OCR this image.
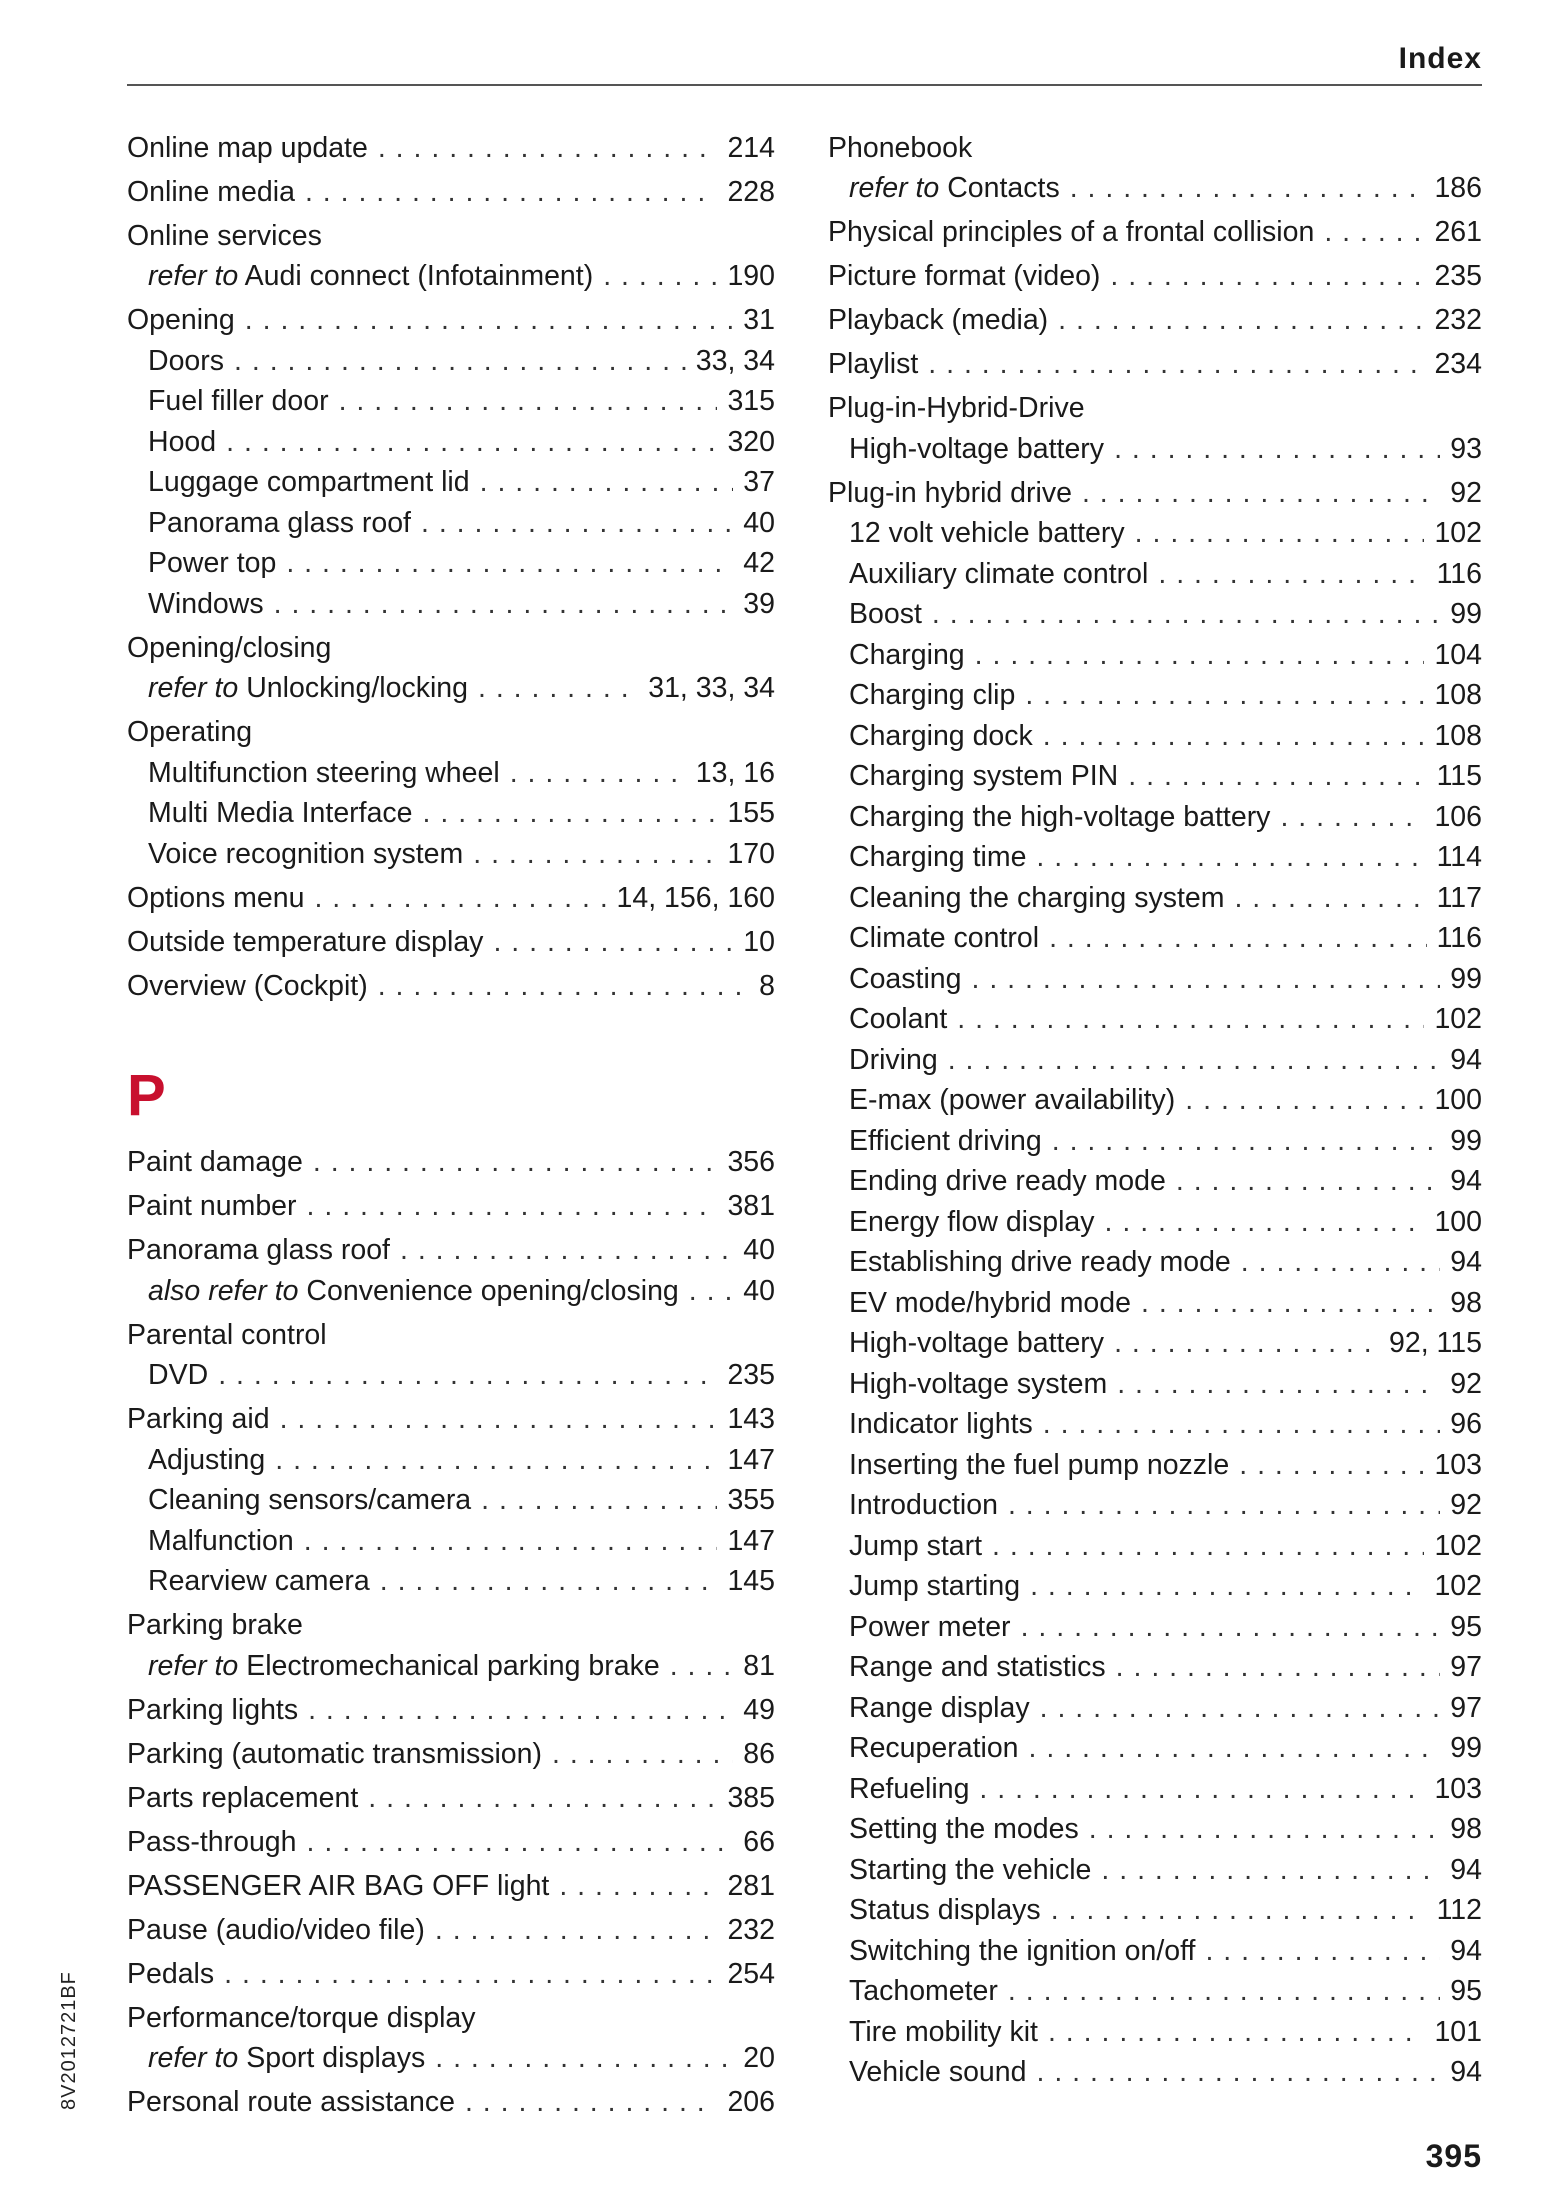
Index
Online map update . . .	214
Online media . . .	228
Online services
refer to Audi connect (Infotainment) . . .	190
Opening . . .	31
Doors . . .	33, 34
Fuel filler door . . .	315
Hood . . .	320
Luggage compartment lid . . .	37
Panorama glass roof . . .	40
Power top . . .	42
Windows . . .	39
Opening/closing
refer to Unlocking/locking . . .	31, 33, 34
Operating
Multifunction steering wheel . . .	13, 16
Multi Media Interface . . .	155
Voice recognition system . . .	170
Options menu . . .	14, 156, 160
Outside temperature display . . .	10
Overview (Cockpit) . . .	8
P
Paint damage . . .	356
Paint number . . .	381
Panorama glass roof . . .	40
also refer to Convenience opening/closing . . . 40
Parental control
DVD . . .	235
Parking aid . . .	143
Adjusting . . .	147
Cleaning sensors/camera . . .	355
Malfunction . . .	147
Rearview camera . . .	145
Parking brake
refer to Electromechanical parking brake . . .	81
Parking lights . . .	49
Parking (automatic transmission) . . .	86
Parts replacement . . .	385
Pass-through . . .	66
PASSENGER AIR BAG OFF light . . .	281
Pause (audio/video file) . . .	232
Pedals . . .	254
Performance/torque display
refer to Sport displays . . .	20
Personal route assistance . . .	206
Phonebook
refer to Contacts . . .	186
Physical principles of a frontal collision . . .	261
Picture format (video) . . .	235
Playback (media) . . .	232
Playlist . . .	234
Plug-in-Hybrid-Drive
High-voltage battery . . .	93
Plug-in hybrid drive . . .	92
12 volt vehicle battery . . .	102
Auxiliary climate control . . .	116
Boost . . .	99
Charging . . .	104
Charging clip . . .	108
Charging dock . . .	108
Charging system PIN . . .	115
Charging the high-voltage battery . . .	106
Charging time . . .	114
Cleaning the charging system . . .	117
Climate control . . .	116
Coasting . . .	99
Coolant . . .	102
Driving . . .	94
E-max (power availability) . . .	100
Efficient driving . . .	99
Ending drive ready mode . . .	94
Energy flow display . . .	100
Establishing drive ready mode . . .	94
EV mode/hybrid mode . . .	98
High-voltage battery . . .	92, 115
High-voltage system . . .	92
Indicator lights . . .	96
Inserting the fuel pump nozzle . . .	103
Introduction . . .	92
Jump start . . .	102
Jump starting . . .	102
Power meter . . .	95
Range and statistics . . .	97
Range display . . .	97
Recuperation . . .	99
Refueling . . .	103
Setting the modes . . .	98
Starting the vehicle . . .	94
Status displays . . .	112
Switching the ignition on/off . . .	94
Tachometer . . .	95
Tire mobility kit . . .	101
Vehicle sound . . .	94
8V2012721BF
395
